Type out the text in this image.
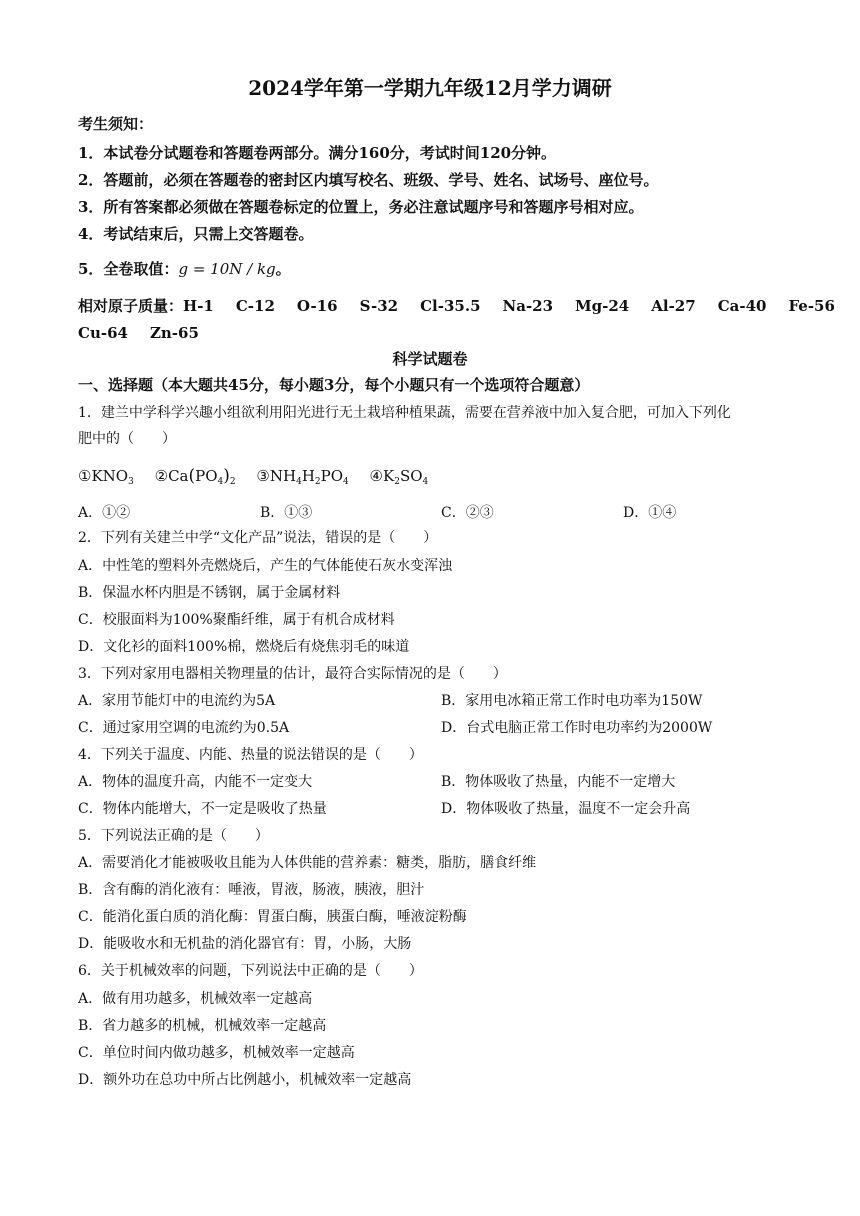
2024学年第一学期九年级12月学力调研
考生须知：
1．本试卷分试题卷和答题卷两部分。满分160分，考试时间120分钟。
2．答题前，必须在答题卷的密封区内填写校名、班级、学号、姓名、试场号、座位号。
3．所有答案都必须做在答题卷标定的位置上，务必注意试题序号和答题序号相对应。
4．考试结束后，只需上交答题卷。
5．全卷取值：g = 10N / kg。
相对原子质量：H-1 C-12 O-16 S-32 Cl-35.5 Na-23 Mg-24 Al-27 Ca-40 Fe-56
Cu-64 Zn-65
科学试题卷
一、选择题（本大题共45分，每小题3分，每个小题只有一个选项符合题意）
1．建兰中学科学兴趣小组欲利用阳光进行无土栽培种植果蔬，需要在营养液中加入复合肥，可加入下列化
肥中的（　　）
$①KNO_3$ $②Ca(PO_4)_2$ $③NH_4H_2PO_4$ $④K_2SO_4$
A．①②	B．①③	C．②③	D．①④
2．下列有关建兰中学“文化产品”说法，错误的是（　　）
A．中性笔的塑料外壳燃烧后，产生的气体能使石灰水变浑浊
B．保温水杯内胆是不锈钢，属于金属材料
C．校服面料为100%聚酯纤维，属于有机合成材料
D．文化衫的面料100%棉，燃烧后有烧焦羽毛的味道
3．下列对家用电器相关物理量的估计，最符合实际情况的是（　　）
A．家用节能灯中的电流约为5A	B．家用电冰箱正常工作时电功率为150W
C．通过家用空调的电流约为0.5A	D．台式电脑正常工作时电功率约为2000W
4．下列关于温度、内能、热量的说法错误的是（　　）
A．物体的温度升高，内能不一定变大	B．物体吸收了热量，内能不一定增大
C．物体内能增大，不一定是吸收了热量	D．物体吸收了热量，温度不一定会升高
5．下列说法正确的是（　　）
A．需要消化才能被吸收且能为人体供能的营养素：糖类，脂肪，膳食纤维
B．含有酶的消化液有：唾液，胃液，肠液，胰液，胆汁
C．能消化蛋白质的消化酶：胃蛋白酶，胰蛋白酶，唾液淀粉酶
D．能吸收水和无机盐的消化器官有：胃，小肠，大肠
6．关于机械效率的问题，下列说法中正确的是（　　）
A．做有用功越多，机械效率一定越高
B．省力越多的机械，机械效率一定越高
C．单位时间内做功越多，机械效率一定越高
D．额外功在总功中所占比例越小，机械效率一定越高
